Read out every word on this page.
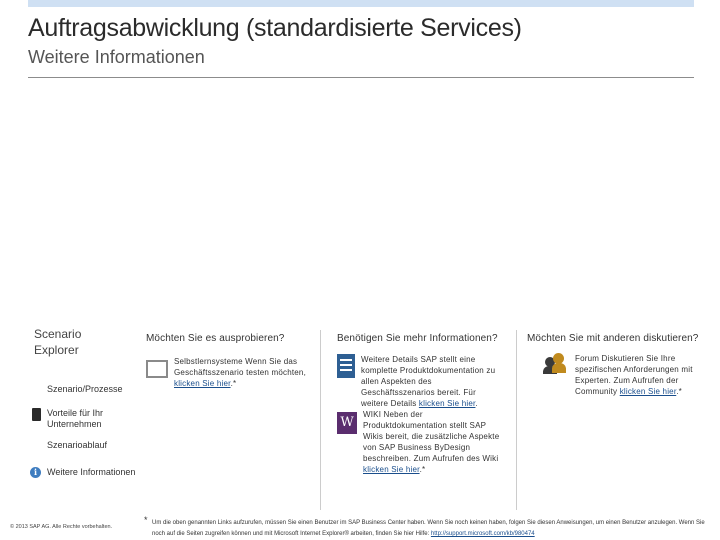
Auftragsabwicklung (standardisierte Services)
Weitere Informationen
Scenario Explorer
Szenario/Prozesse
Vorteile für Ihr Unternehmen
Szenarioablauf
i	Weitere Informationen
Möchten Sie es ausprobieren?
Selbstlernsysteme Wenn Sie das Geschäftsszenario testen möchten, klicken Sie hier.*
Benötigen Sie mehr Informationen?
Weitere Details SAP stellt eine komplette Produktdokumentation zu allen Aspekten des Geschäftsszenarios bereit. Für weitere Details klicken Sie hier.
W
WIKI Neben der Produktdokumentation stellt SAP Wikis bereit, die zusätzliche Aspekte von SAP Business ByDesign beschreiben. Zum Aufrufen des Wiki klicken Sie hier.*
Möchten Sie mit anderen diskutieren?
Forum Diskutieren Sie Ihre spezifischen Anforderungen mit Experten. Zum Aufrufen der Community klicken Sie hier.*
* Um die oben genannten Links aufzurufen, müssen Sie einen Benutzer im SAP Business Center haben. Wenn Sie noch keinen haben, folgen Sie diesen Anweisungen, um einen Benutzer anzulegen. Wenn Sie noch auf die Seiten zugreifen können und mit Microsoft Internet Explorer® arbeiten, finden Sie hier Hilfe: http://support.microsoft.com/kb/980474
© 2013 SAP AG. Alle Rechte vorbehalten.
